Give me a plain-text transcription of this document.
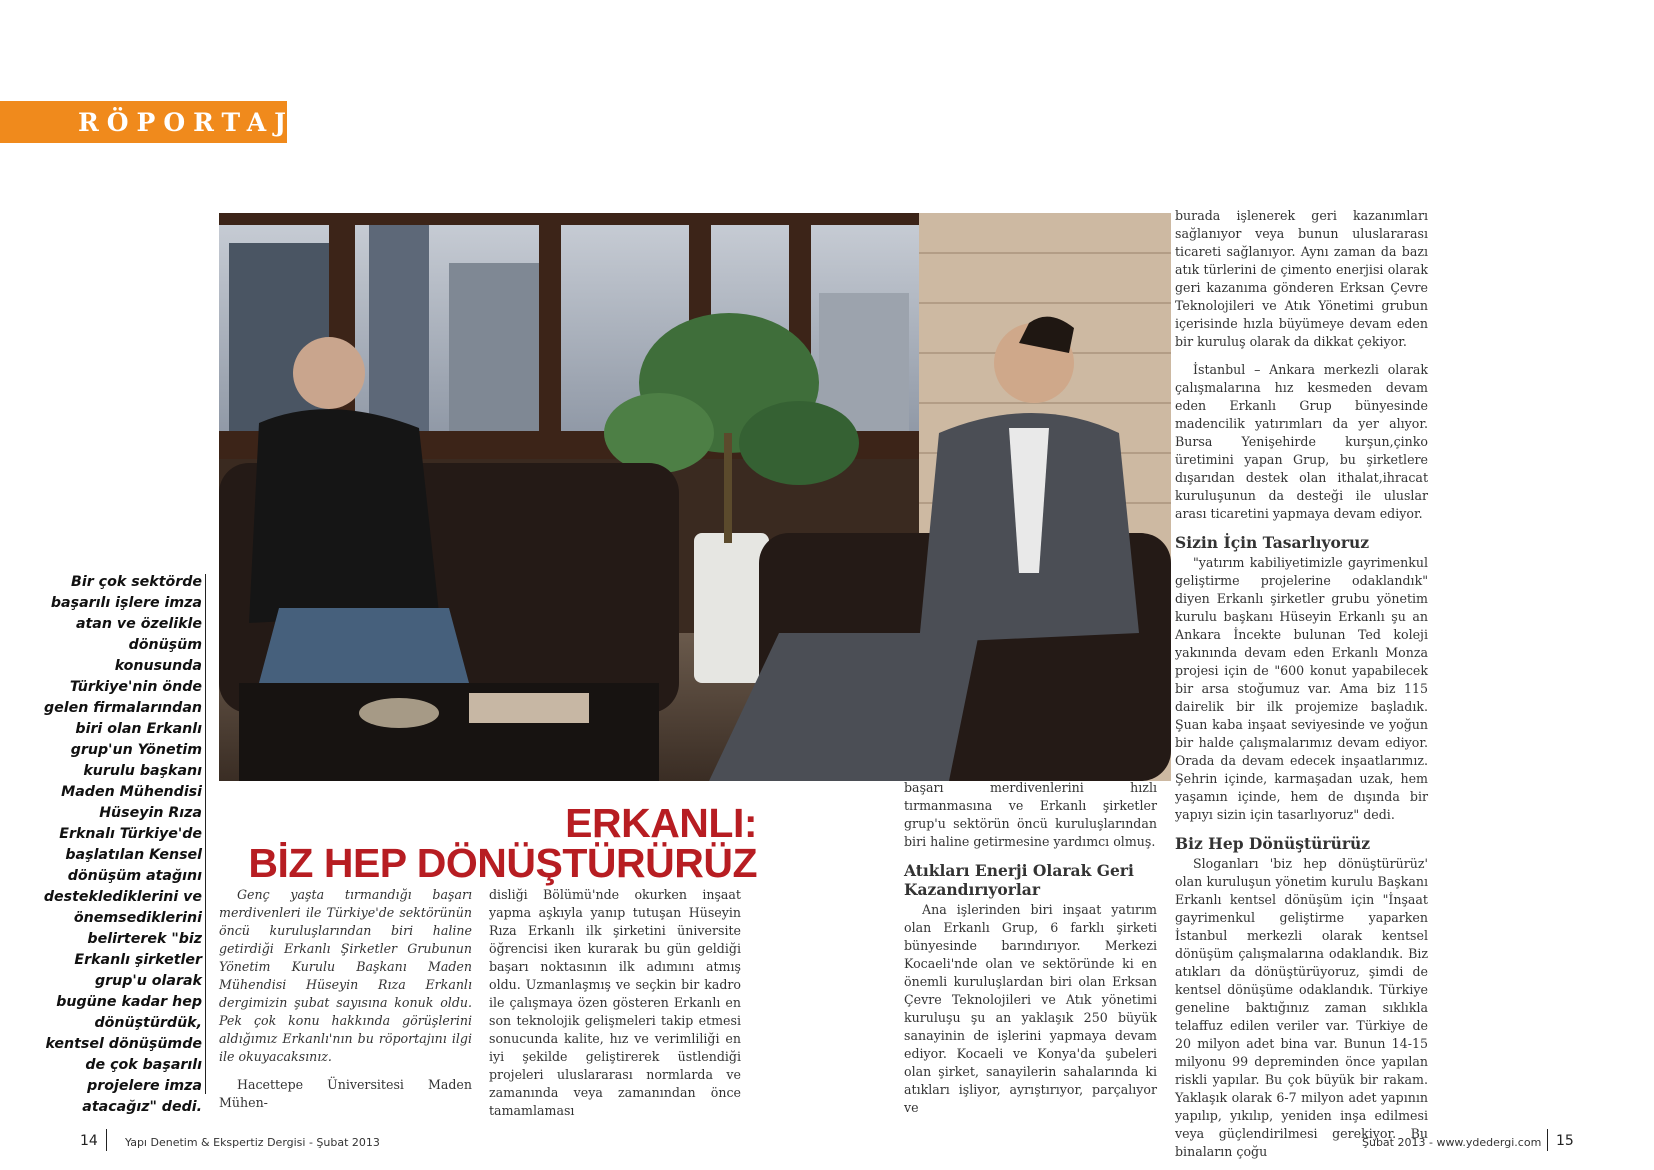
RÖPORTAJ
Bir çok sektörde başarılı işlere imza atan ve özelikle dönüşüm konusunda Türkiye'nin önde gelen firmalarından biri olan Erkanlı grup'un Yönetim kurulu başkanı Maden Mühendisi Hüseyin Rıza Erknalı Türkiye'de başlatılan Kensel dönüşüm atağını desteklediklerini ve önemsediklerini belirterek "biz Erkanlı şirketler grup'u olarak bugüne kadar hep dönüştürdük, kentsel dönüşümde de çok başarılı projelere imza atacağız" dedi.
ERKANLI:
BİZ HEP DÖNÜŞTÜRÜRÜZ

Genç yaşta tırmandığı başarı merdivenleri ile Türkiye'de sektörünün öncü kuruluşlarından biri haline getirdiği Erkanlı Şirketler Grubunun Yönetim Kurulu Başkanı Maden Mühendisi Hüseyin Rıza Erkanlı dergimizin şubat sayısına konuk oldu. Pek çok konu hakkında görüşlerini aldığımız Erkanlı'nın bu röportajını ilgi ile okuyacaksınız.

Hacettepe Üniversitesi Maden Mühen-

disliği Bölümü'nde okurken inşaat yapma aşkıyla yanıp tutuşan Hüseyin Rıza Erkanlı ilk şirketini üniversite öğrencisi iken kurarak bu gün geldiği başarı noktasının ilk adımını atmış oldu. Uzmanlaşmış ve seçkin bir kadro ile çalışmaya özen gösteren Erkanlı en son teknolojik gelişmeleri takip etmesi sonucunda kalite, hız ve verimliliği en iyi şekilde geliştirerek üstlendiği projeleri uluslararası normlarda ve zamanında veya zamanından önce tamamlaması

başarı merdivenlerini hızlı tırmanmasına ve Erkanlı şirketler grup'u sektörün öncü kuruluşlarından biri haline getirmesine yardımcı olmuş.

Atıkları Enerji Olarak Geri Kazandırıyorlar

Ana işlerinden biri inşaat yatırım olan Erkanlı Grup, 6 farklı şirketi bünyesinde barındırıyor. Merkezi Kocaeli'nde olan ve sektöründe ki en önemli kuruluşlardan biri olan Erksan Çevre Teknolojileri ve Atık yönetimi kuruluşu şu an yaklaşık 250 büyük sanayinin de işlerini yapmaya devam ediyor. Kocaeli ve Konya'da şubeleri olan şirket, sanayilerin sahalarında ki atıkları işliyor, ayrıştırıyor, parçalıyor ve

burada işlenerek geri kazanımları sağlanıyor veya bunun uluslararası ticareti sağlanıyor. Aynı zaman da bazı atık türlerini de çimento enerjisi olarak geri kazanıma gönderen Erksan Çevre Teknolojileri ve Atık Yönetimi grubun içerisinde hızla büyümeye devam eden bir kuruluş olarak da dikkat çekiyor.

İstanbul – Ankara merkezli olarak çalışmalarına hız kesmeden devam eden Erkanlı Grup bünyesinde madencilik yatırımları da yer alıyor. Bursa Yenişehirde kurşun,çinko üretimini yapan Grup, bu şirketlere dışarıdan destek olan ithalat,ihracat kuruluşunun da desteği ile uluslar arası ticaretini yapmaya devam ediyor.

Sizin İçin Tasarlıyoruz

"yatırım kabiliyetimizle gayrimenkul geliştirme projelerine odaklandık" diyen Erkanlı şirketler grubu yönetim kurulu başkanı Hüseyin Erkanlı şu an Ankara İncekte bulunan Ted koleji yakınında devam eden Erkanlı Monza projesi için de "600 konut yapabilecek bir arsa stoğumuz var. Ama biz 115 dairelik bir ilk projemize başladık. Şuan kaba inşaat seviyesinde ve yoğun bir halde çalışmalarımız devam ediyor. Orada da devam edecek inşaatlarımız. Şehrin içinde, karmaşadan uzak, hem yaşamın içinde, hem de dışında bir yapıyı sizin için tasarlıyoruz" dedi.

Biz Hep Dönüştürürüz

Sloganları 'biz hep dönüştürürüz' olan kuruluşun yönetim kurulu Başkanı Erkanlı kentsel dönüşüm için "İnşaat gayrimenkul geliştirme yaparken İstanbul merkezli olarak kentsel dönüşüm çalışmalarına odaklandık. Biz atıkları da dönüştürüyoruz, şimdi de kentsel dönüşüme odaklandık. Türkiye geneline baktığınız zaman sıklıkla telaffuz edilen veriler var. Türkiye de 20 milyon adet bina var. Bunun 14-15 milyonu 99 depreminden önce yapılan riskli yapılar. Bu çok büyük bir rakam. Yaklaşık olarak 6-7 milyon adet yapının yapılıp, yıkılıp, yeniden inşa edilmesi veya güçlendirilmesi gerekiyor. Bu binaların çoğu

14 Yapı Denetim & Ekspertiz Dergisi - Şubat 2013	Şubat 2013 - www.ydedergi.com 15
